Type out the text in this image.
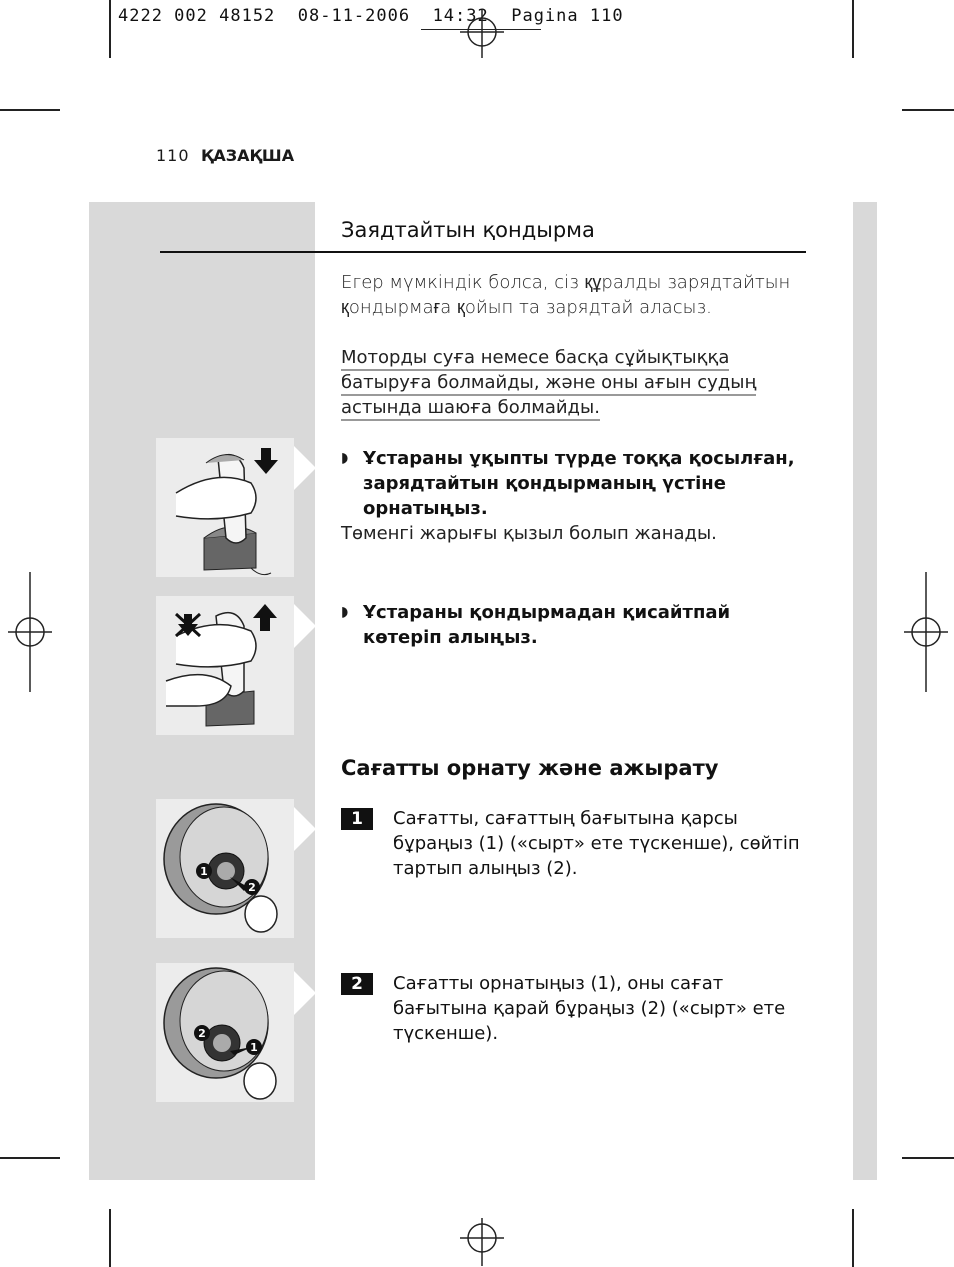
4222 002 48152  08-11-2006  14:32  Pagina 110
110 ҚАЗАҚША
Заядтайтын қондырма
Егер мүмкіндік болса, сіз құралды зарядтайтын қондырмаға қойып та зарядтай аласыз.
Моторды суға немесе басқа сұйықтыққа
батыруға болмайды, және оны ағын судың
астында шаюға болмайды.
◗ Ұстараны ұқыпты түрде тоққа қосылған, зарядтайтын қондырманың үстіне орнатыңыз.
Төменгі жарығы қызыл болып жанады.
◗ Ұстараны қондырмадан қисайтпай көтеріп алыңыз.
Сағатты орнату және ажырату
1
2
1	Сағатты, сағаттың бағытына қарсы бұраңыз (1) («сырт» ете түскенше), сөйтіп тартып алыңыз (2).
2
1
2	Сағатты орнатыңыз (1), оны сағат бағытына қарай бұраңыз (2) («сырт» ете түскенше).
